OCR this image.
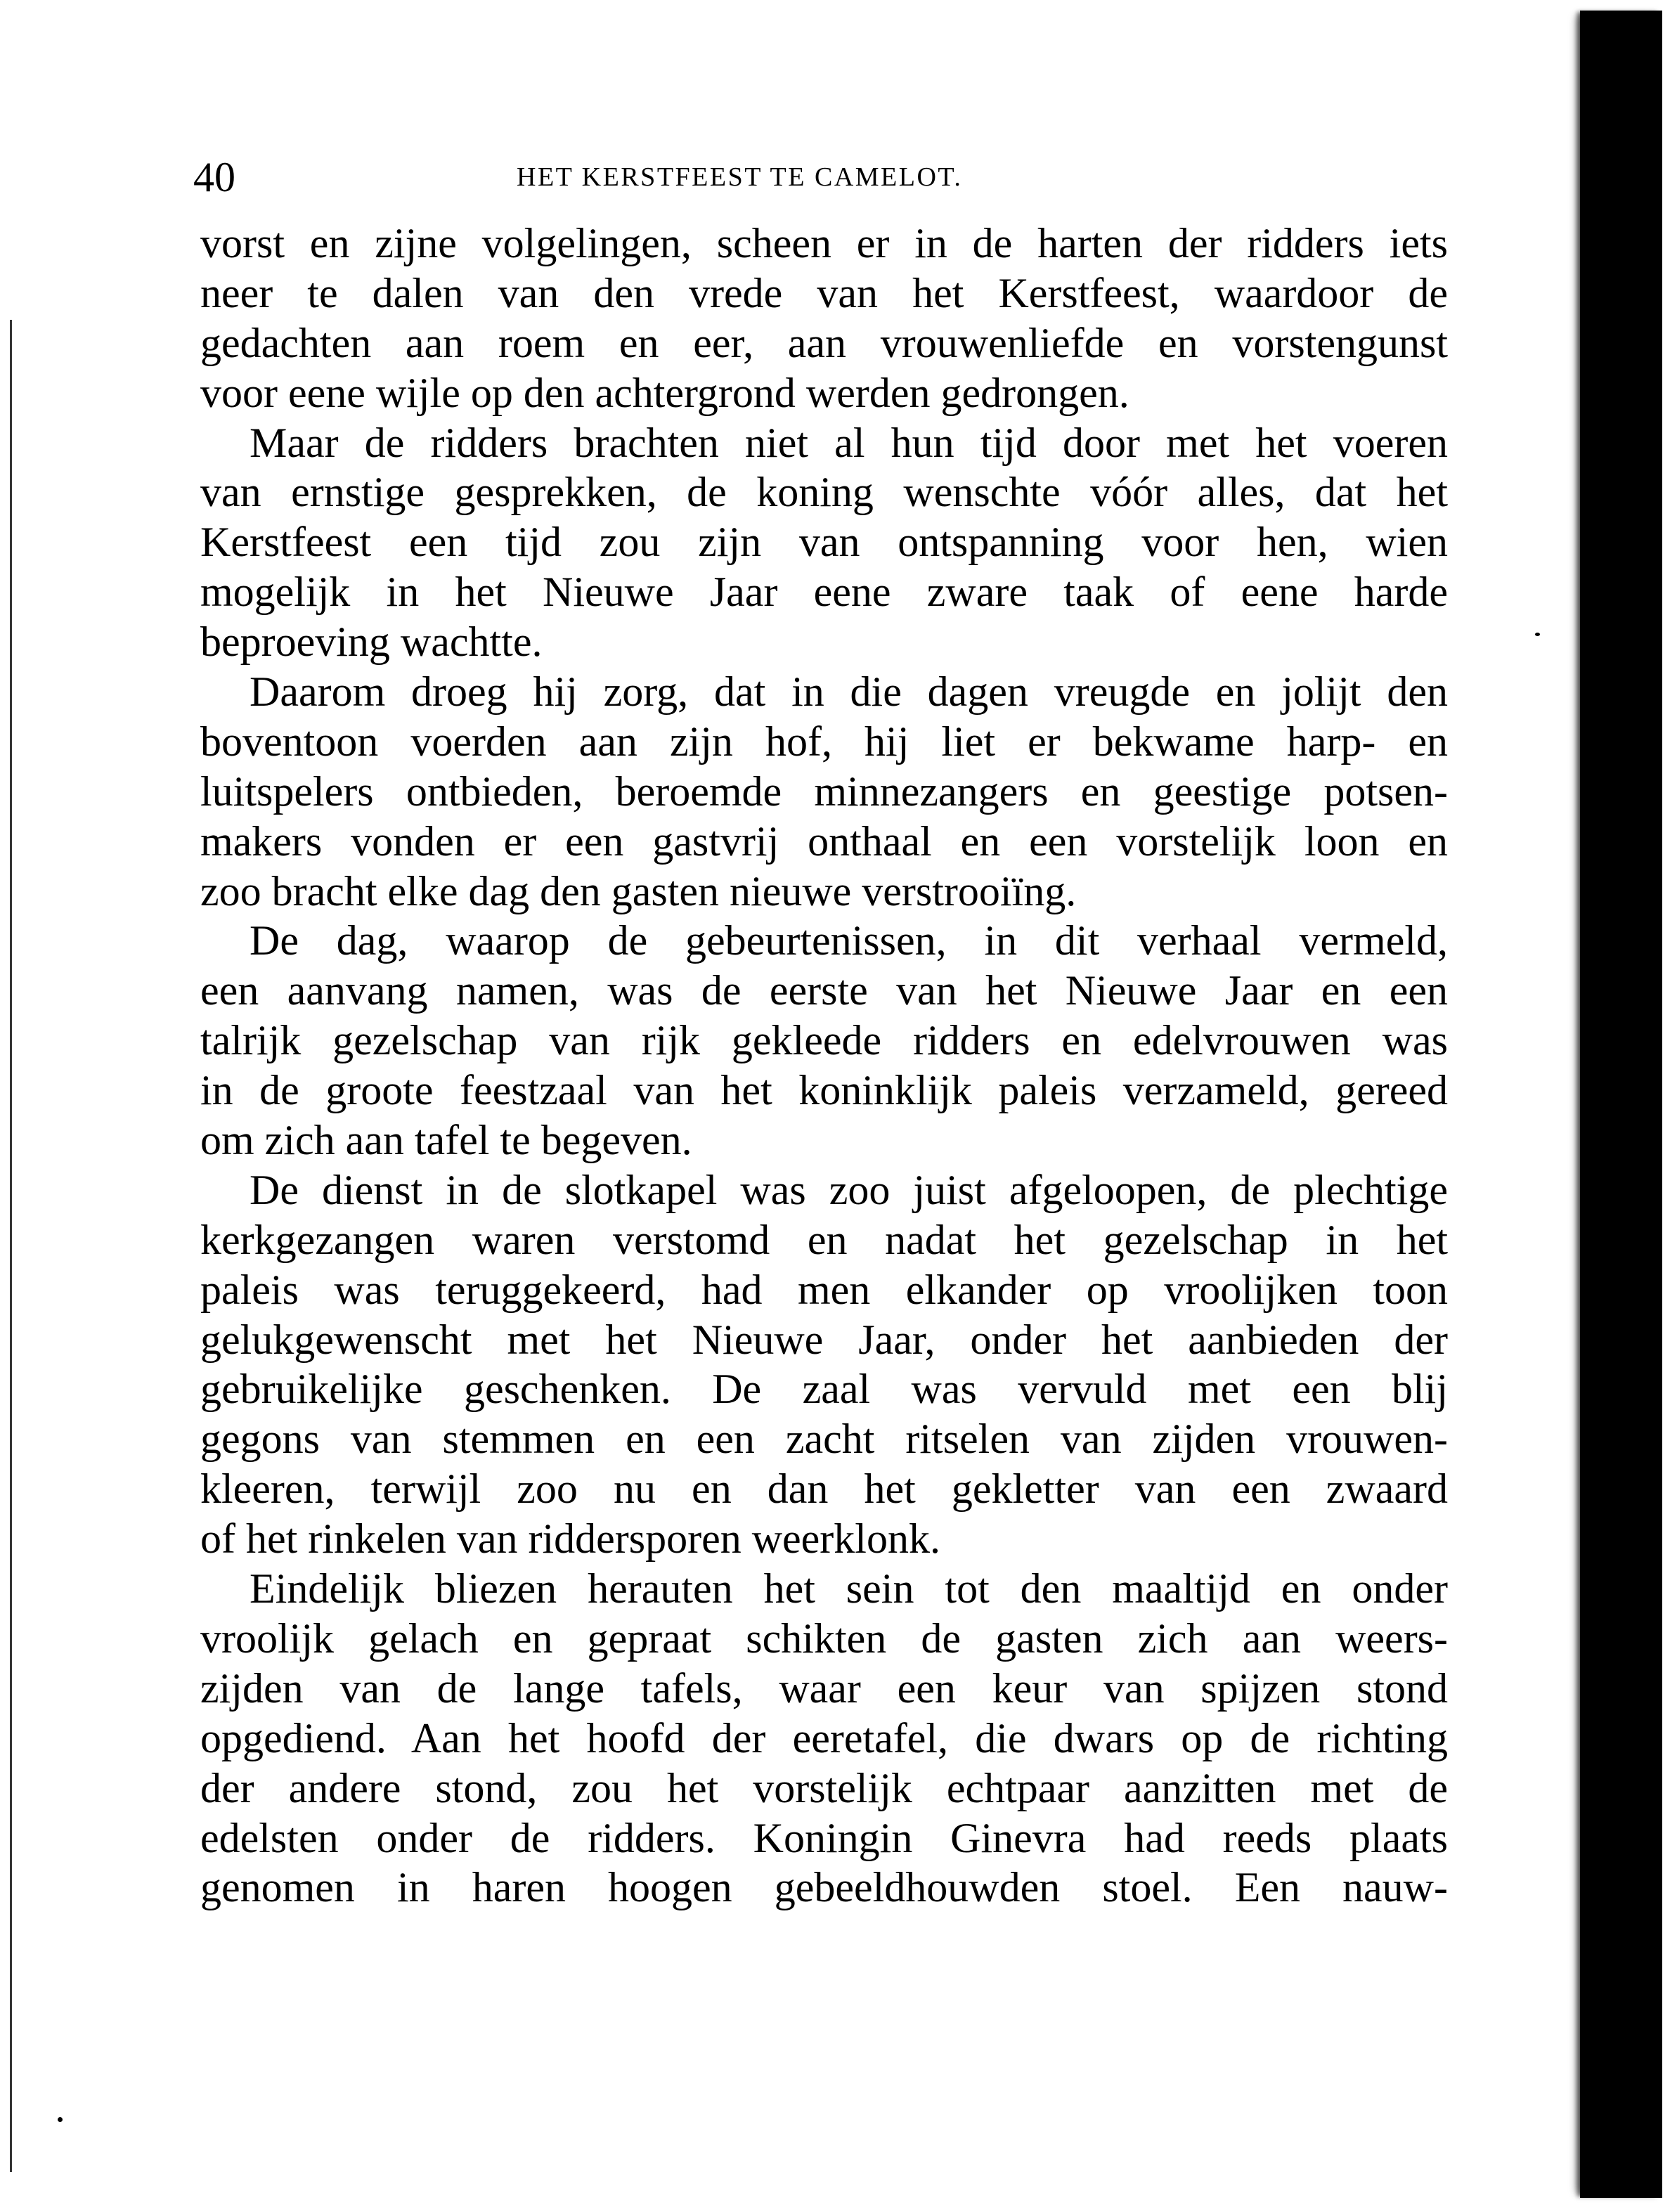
40	HET KERSTFEEST TE CAMELOT.

vorst en zijne volgelingen, scheen er in de harten der ridders iets
neer te dalen van den vrede van het Kerstfeest, waardoor de
gedachten aan roem en eer, aan vrouwenliefde en vorstengunst
voor eene wijle op den achtergrond werden gedrongen.

Maar de ridders brachten niet al hun tijd door met het voeren
van ernstige gesprekken, de koning wenschte vóór alles, dat het
Kerstfeest een tijd zou zijn van ontspanning voor hen, wien
mogelijk in het Nieuwe Jaar eene zware taak of eene harde
beproeving wachtte.

Daarom droeg hij zorg, dat in die dagen vreugde en jolijt den
boventoon voerden aan zijn hof, hij liet er bekwame harp- en
luitspelers ontbieden, beroemde minnezangers en geestige potsen-
makers vonden er een gastvrij onthaal en een vorstelijk loon en
zoo bracht elke dag den gasten nieuwe verstrooiïng.

De dag, waarop de gebeurtenissen, in dit verhaal vermeld,
een aanvang namen, was de eerste van het Nieuwe Jaar en een
talrijk gezelschap van rijk gekleede ridders en edelvrouwen was
in de groote feestzaal van het koninklijk paleis verzameld, gereed
om zich aan tafel te begeven.

De dienst in de slotkapel was zoo juist afgeloopen, de plechtige
kerkgezangen waren verstomd en nadat het gezelschap in het
paleis was teruggekeerd, had men elkander op vroolijken toon
gelukgewenscht met het Nieuwe Jaar, onder het aanbieden der
gebruikelijke geschenken. De zaal was vervuld met een blij
gegons van stemmen en een zacht ritselen van zijden vrouwen-
kleeren, terwijl zoo nu en dan het gekletter van een zwaard
of het rinkelen van riddersporen weerklonk.

Eindelijk bliezen herauten het sein tot den maaltijd en onder
vroolijk gelach en gepraat schikten de gasten zich aan weers-
zijden van de lange tafels, waar een keur van spijzen stond
opgediend. Aan het hoofd der eeretafel, die dwars op de richting
der andere stond, zou het vorstelijk echtpaar aanzitten met de
edelsten onder de ridders. Koningin Ginevra had reeds plaats
genomen in haren hoogen gebeeldhouwden stoel. Een nauw-
